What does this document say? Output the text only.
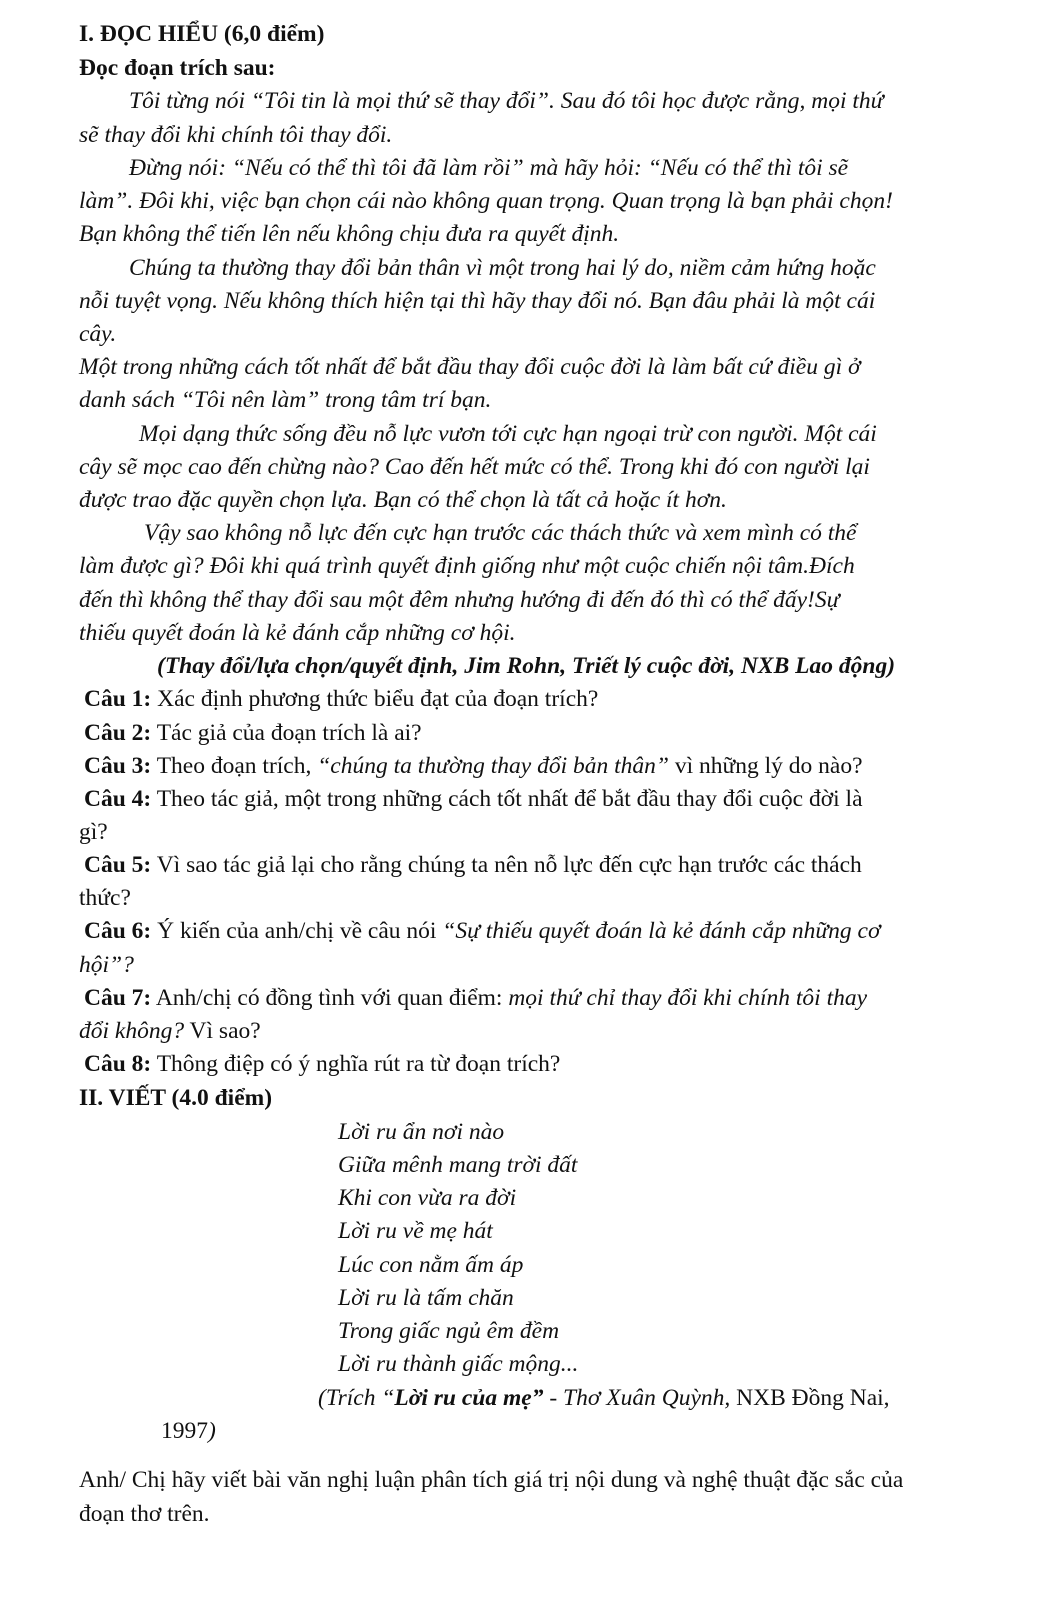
I. ĐỌC HIỂU (6,0 điểm)
Đọc đoạn trích sau:
Tôi từng nói “Tôi tin là mọi thứ sẽ thay đổi”. Sau đó tôi học được rằng, mọi thứ
sẽ thay đổi khi chính tôi thay đổi.
Đừng nói: “Nếu có thể thì tôi đã làm rồi” mà hãy hỏi: “Nếu có thể thì tôi sẽ
làm”. Đôi khi, việc bạn chọn cái nào không quan trọng. Quan trọng là bạn phải chọn!
Bạn không thể tiến lên nếu không chịu đưa ra quyết định.
Chúng ta thường thay đổi bản thân vì một trong hai lý do, niềm cảm hứng hoặc
nỗi tuyệt vọng. Nếu không thích hiện tại thì hãy thay đổi nó. Bạn đâu phải là một cái
cây.
Một trong những cách tốt nhất để bắt đầu thay đổi cuộc đời là làm bất cứ điều gì ở
danh sách “Tôi nên làm” trong tâm trí bạn.
Mọi dạng thức sống đều nỗ lực vươn tới cực hạn ngoại trừ con người. Một cái
cây sẽ mọc cao đến chừng nào? Cao đến hết mức có thể. Trong khi đó con người lại
được trao đặc quyền chọn lựa. Bạn có thể chọn là tất cả hoặc ít hơn.
Vậy sao không nỗ lực đến cực hạn trước các thách thức và xem mình có thể
làm được gì? Đôi khi quá trình quyết định giống như một cuộc chiến nội tâm.Đích
đến thì không thể thay đổi sau một đêm nhưng hướng đi đến đó thì có thể đấy!Sự
thiếu quyết đoán là kẻ đánh cắp những cơ hội.
(Thay đổi/lựa chọn/quyết định, Jim Rohn, Triết lý cuộc đời, NXB Lao động)
Câu 1: Xác định phương thức biểu đạt của đoạn trích?
Câu 2: Tác giả của đoạn trích là ai?
Câu 3: Theo đoạn trích, “chúng ta thường thay đổi bản thân” vì những lý do nào?
Câu 4: Theo tác giả, một trong những cách tốt nhất để bắt đầu thay đổi cuộc đời là
gì?
Câu 5: Vì sao tác giả lại cho rằng chúng ta nên nỗ lực đến cực hạn trước các thách
thức?
Câu 6: Ý kiến của anh/chị về câu nói “Sự thiếu quyết đoán là kẻ đánh cắp những cơ
hội”?
Câu 7: Anh/chị có đồng tình với quan điểm: mọi thứ chỉ thay đổi khi chính tôi thay
đổi không? Vì sao?
Câu 8: Thông điệp có ý nghĩa rút ra từ đoạn trích?
II. VIẾT (4.0 điểm)
Lời ru ẩn nơi nào
Giữa mênh mang trời đất
Khi con vừa ra đời
Lời ru về mẹ hát
Lúc con nằm ấm áp
Lời ru là tấm chăn
Trong giấc ngủ êm đềm
Lời ru thành giấc mộng...
(Trích “Lời ru của mẹ” - Thơ Xuân Quỳnh, NXB Đồng Nai,
1997)
Anh/ Chị hãy viết bài văn nghị luận phân tích giá trị nội dung và nghệ thuật đặc sắc của
đoạn thơ trên.
